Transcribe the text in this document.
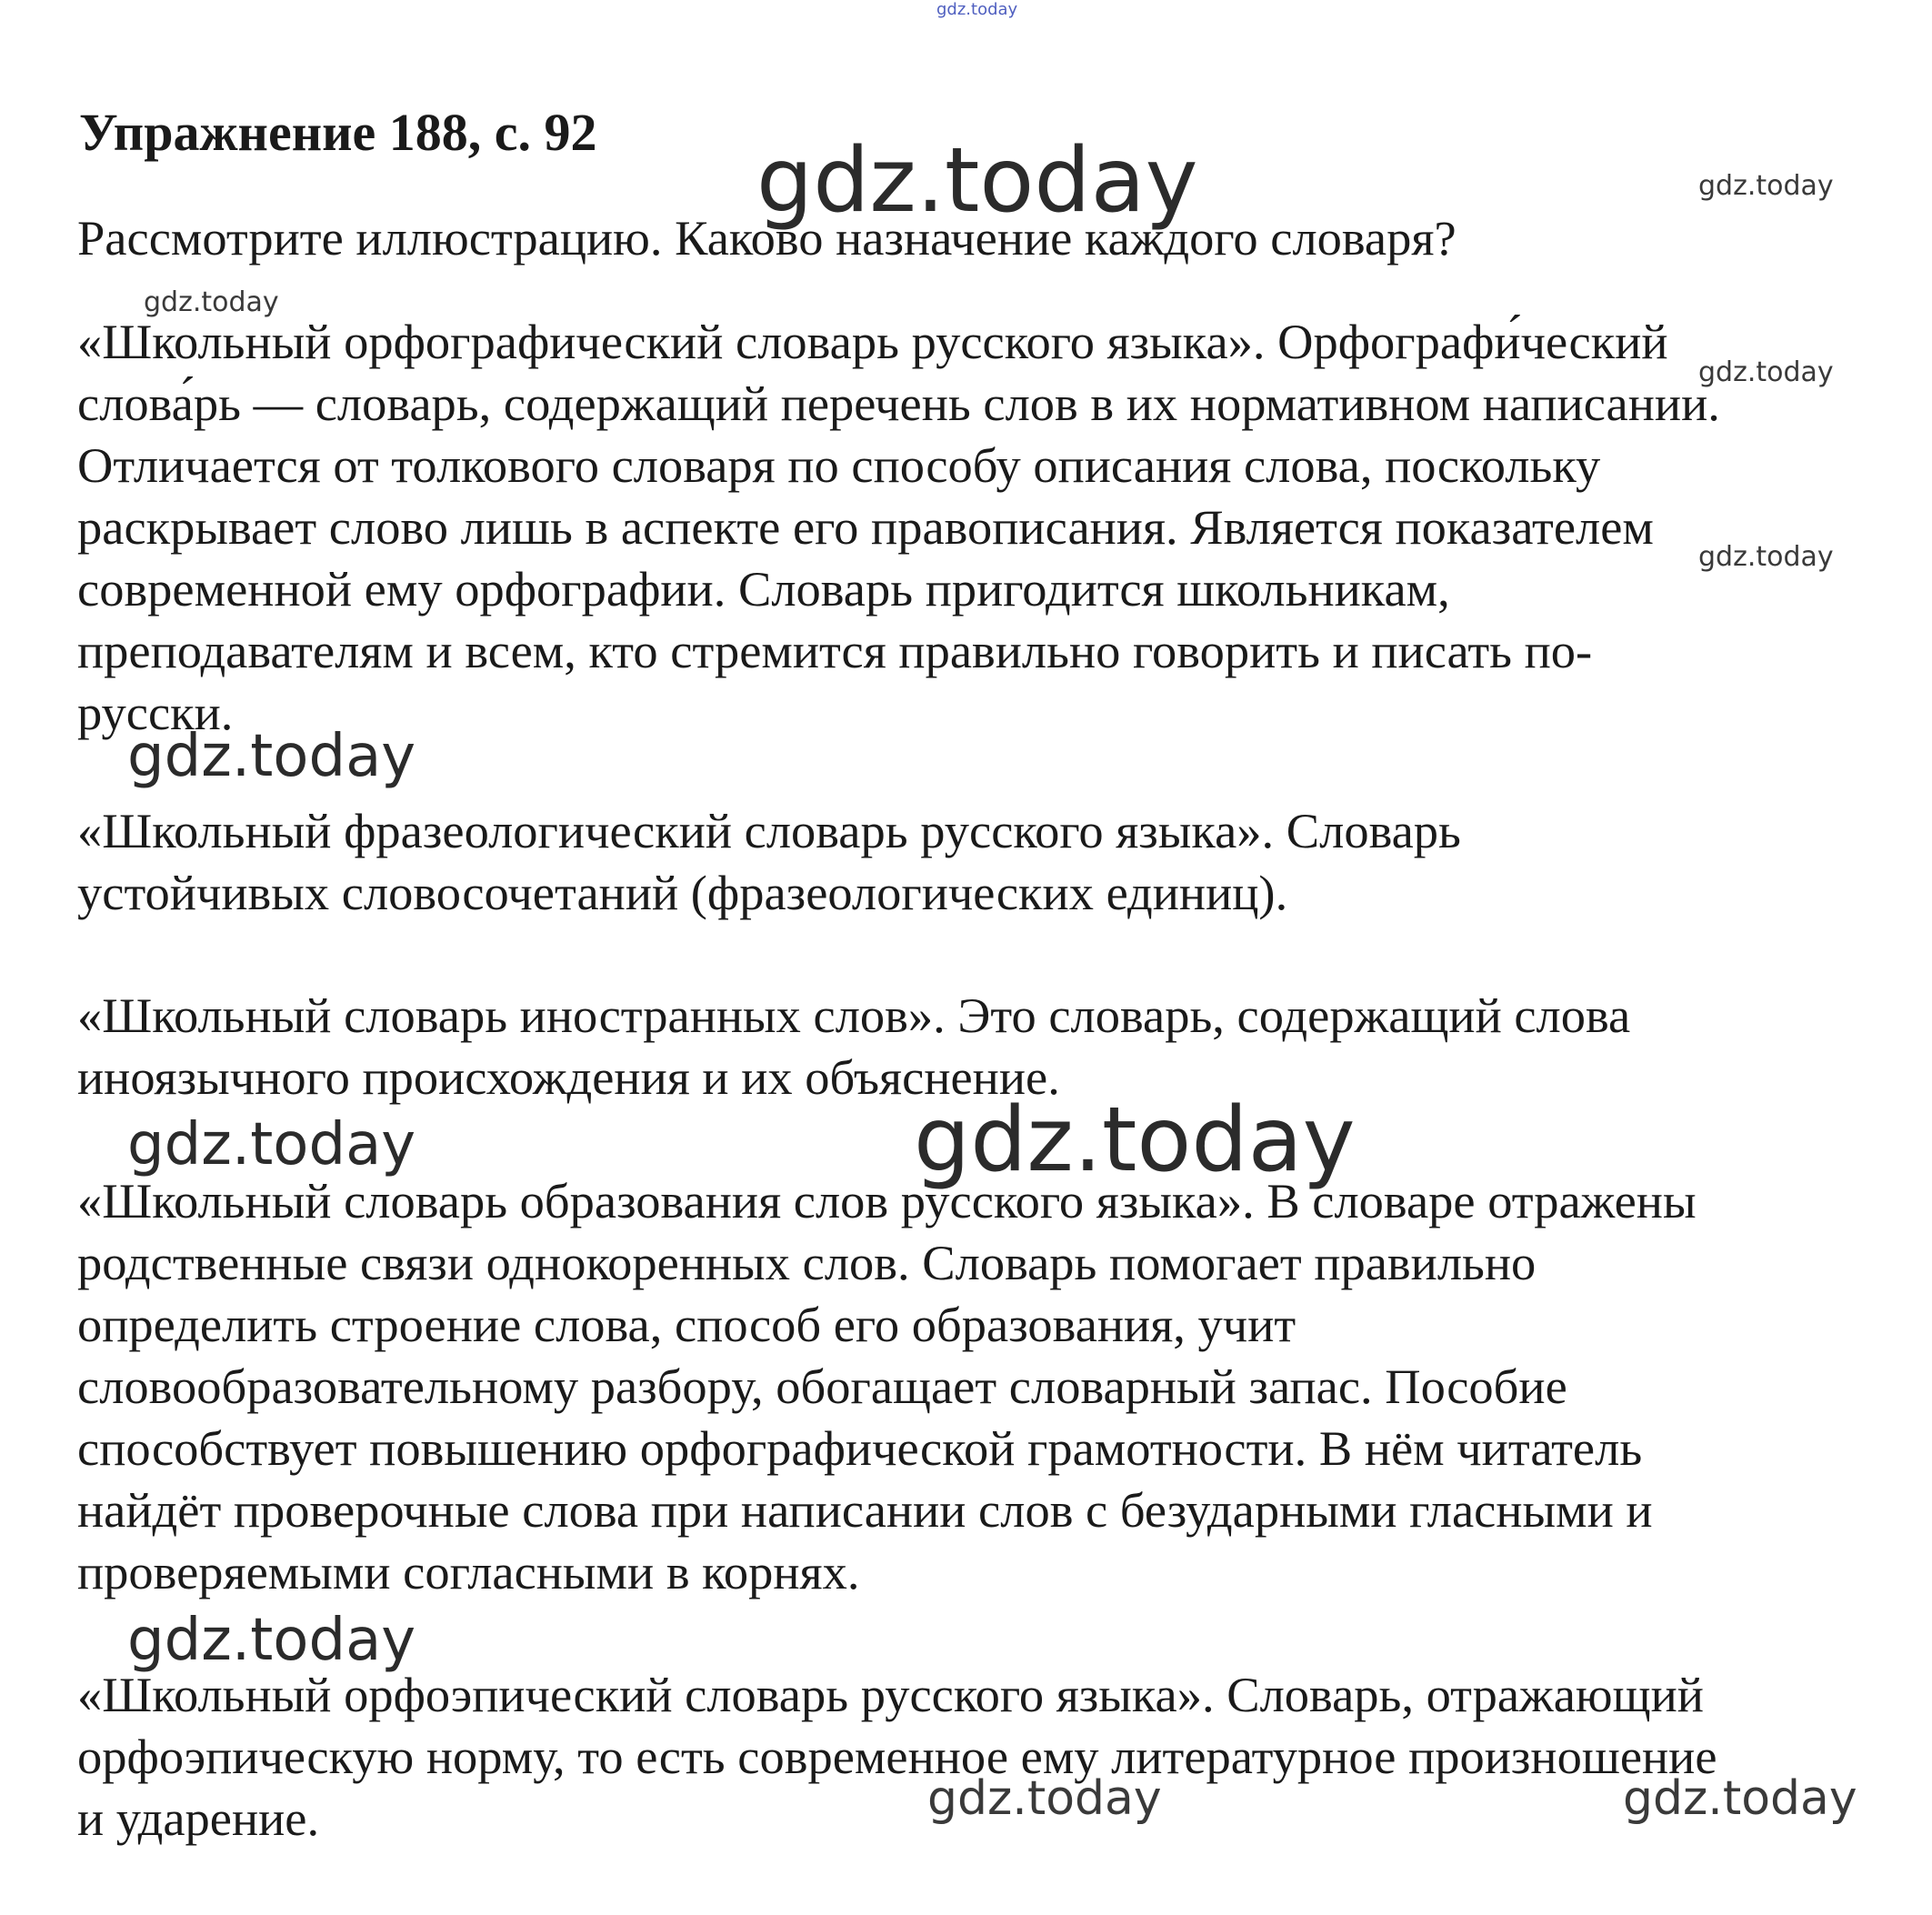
gdz.today
gdz.today	gdz.today
gdz.today
gdz.today
gdz.today
gdz.today
gdz.today	gdz.today
gdz.today
gdz.today	gdz.today
Упражнение 188, с. 92
Рассмотрите иллюстрацию. Каково назначение каждого словаря?
«Школьный орфографический словарь русского языка». Орфографи́ческий
слова́рь — словарь, содержащий перечень слов в их нормативном написании.
Отличается от толкового словаря по способу описания слова, поскольку
раскрывает слово лишь в аспекте его правописания. Является показателем
современной ему орфографии. Словарь пригодится школьникам,
преподавателям и всем, кто стремится правильно говорить и писать по-
русски.
«Школьный фразеологический словарь русского языка». Словарь
устойчивых словосочетаний (фразеологических единиц).
«Школьный словарь иностранных слов». Это словарь, содержащий слова
иноязычного происхождения и их объяснение.
«Школьный словарь образования слов русского языка». В словаре отражены
родственные связи однокоренных слов. Словарь помогает правильно
определить строение слова, способ его образования, учит
словообразовательному разбору, обогащает словарный запас. Пособие
способствует повышению орфографической грамотности. В нём читатель
найдёт проверочные слова при написании слов с безударными гласными и
проверяемыми согласными в корнях.
«Школьный орфоэпический словарь русского языка». Словарь, отражающий
орфоэпическую норму, то есть современное ему литературное произношение
и ударение.
